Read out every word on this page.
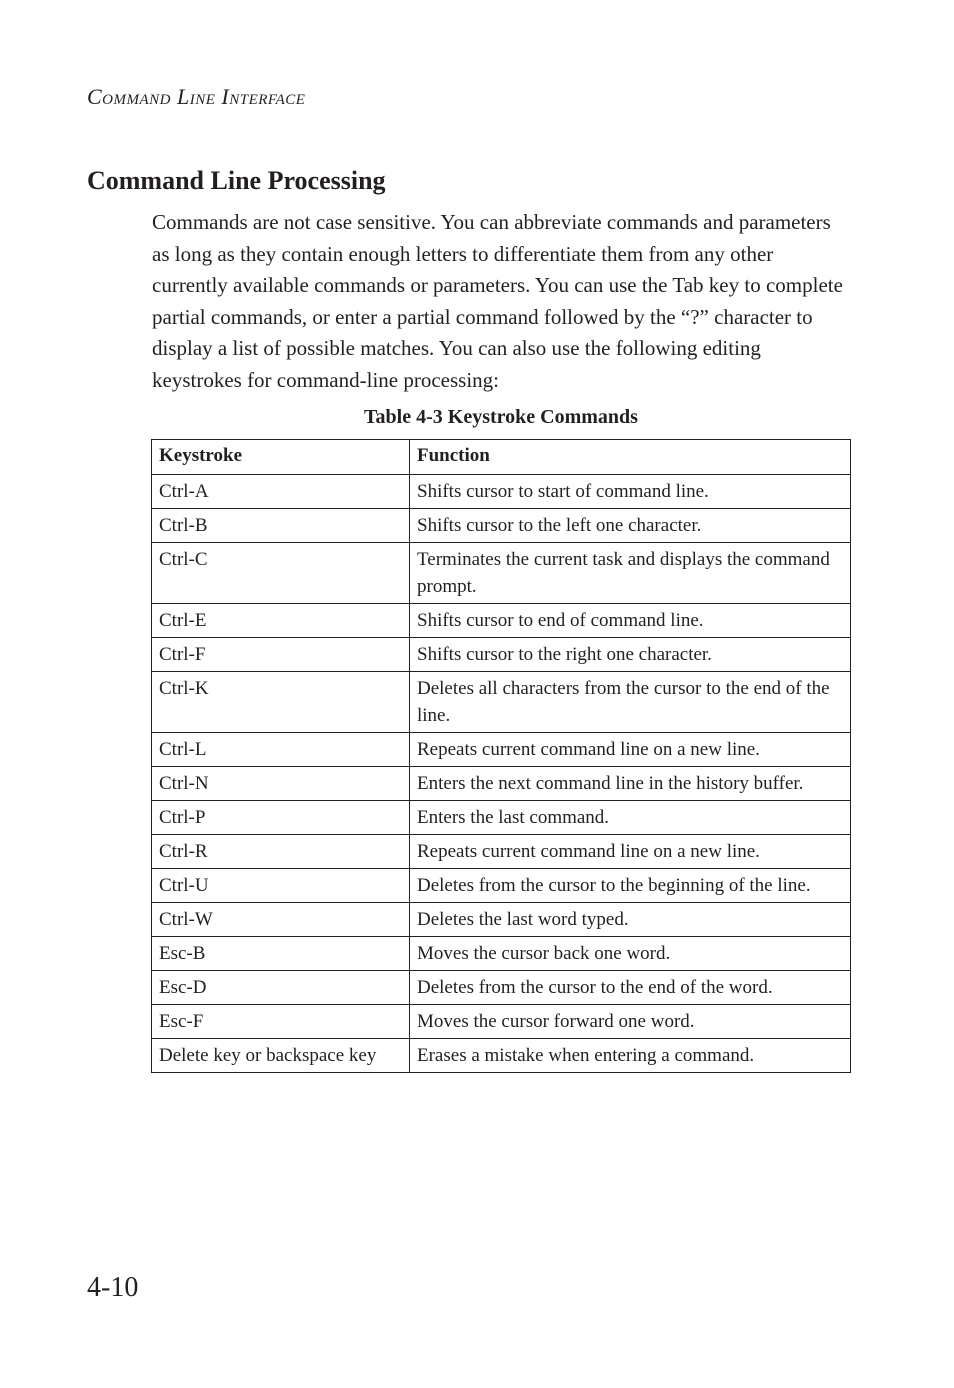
Command Line Interface
Command Line Processing

Commands are not case sensitive. You can abbreviate commands and parameters as long as they contain enough letters to differentiate them from any other currently available commands or parameters. You can use the Tab key to complete partial commands, or enter a partial command followed by the “?” character to display a list of possible matches. You can also use the following editing keystrokes for command-line processing:

Table 4-3 Keystroke Commands
Keystroke	Function
Ctrl-A	Shifts cursor to start of command line.
Ctrl-B	Shifts cursor to the left one character.
Ctrl-C	Terminates the current task and displays the command prompt.
Ctrl-E	Shifts cursor to end of command line.
Ctrl-F	Shifts cursor to the right one character.
Ctrl-K	Deletes all characters from the cursor to the end of the line.
Ctrl-L	Repeats current command line on a new line.
Ctrl-N	Enters the next command line in the history buffer.
Ctrl-P	Enters the last command.
Ctrl-R	Repeats current command line on a new line.
Ctrl-U	Deletes from the cursor to the beginning of the line.
Ctrl-W	Deletes the last word typed.
Esc-B	Moves the cursor back one word.
Esc-D	Deletes from the cursor to the end of the word.
Esc-F	Moves the cursor forward one word.
Delete key or backspace key	Erases a mistake when entering a command.
4-10
